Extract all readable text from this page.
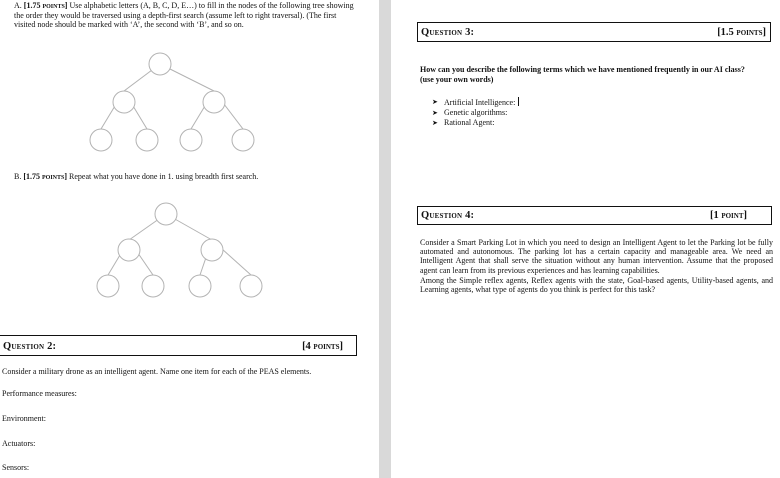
A. [1.75 points] Use alphabetic letters (A, B, C, D, E…) to fill in the nodes of the following tree showing the order they would be traversed using a depth-first search (assume left to right traversal). (The first visited node should be marked with ‘A’, the second with ‘B’, and so on.

B. [1.75 points] Repeat what you have done in 1. using breadth first search.

Question 2:	[4 points]

Consider a military drone as an intelligent agent. Name one item for each of the PEAS elements.

Performance measures:

Environment:

Actuators:

Sensors:

Question 3:	[1.5 points]

How can you describe the following terms which we have mentioned frequently in our AI class?
(use your own words)

➤ Artificial Intelligence:
➤ Genetic algorithms:
➤ Rational Agent:
Question 4:	[1 point]

Consider a Smart Parking Lot in which you need to design an Intelligent Agent to let the Parking lot be fully automated and autonomous. The parking lot has a certain capacity and manageable area. We need an Intelligent Agent that shall serve the situation without any human intervention. Assume that the proposed agent can learn from its previous experiences and has learning capabilities.

Among the Simple reflex agents, Reflex agents with the state, Goal-based agents, Utility-based agents, and Learning agents, what type of agents do you think is perfect for this task?
